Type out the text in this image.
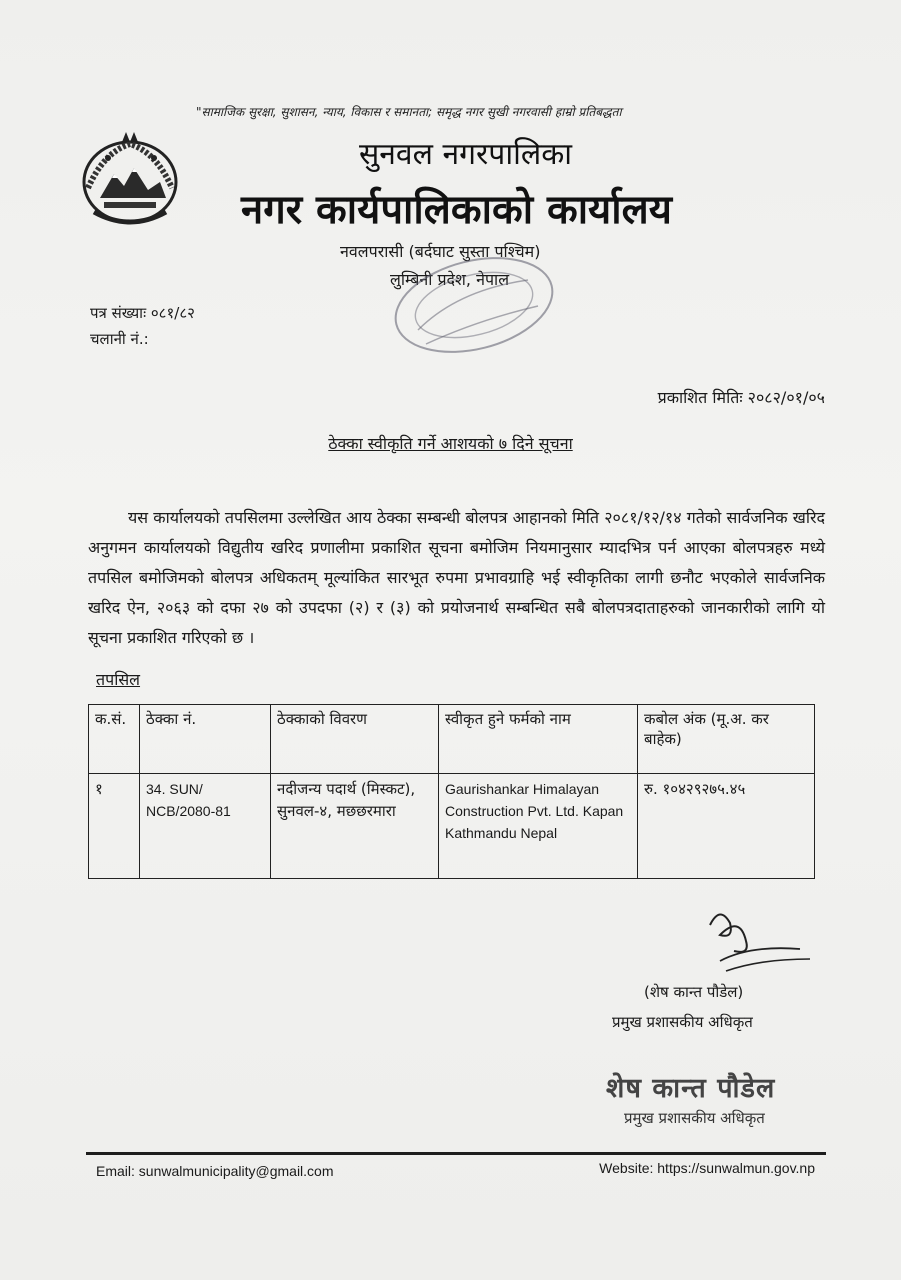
"सामाजिक सुरक्षा, सुशासन, न्याय, विकास र समानता; समृद्ध नगर सुखी नगरवासी हाम्रो प्रतिबद्धता
सुनवल नगरपालिका
नगर कार्यपालिकाको कार्यालय
नवलपरासी (बर्दघाट सुस्ता पश्चिम)
लुम्बिनी प्रदेश, नेपाल
पत्र संख्याः ०८१/८२
चलानी नं.:
प्रकाशित मितिः २०८२/०१/०५
ठेक्का स्वीकृति गर्ने आशयको ७ दिने सूचना
यस कार्यालयको तपसिलमा उल्लेखित आय ठेक्का सम्बन्धी बोलपत्र आहानको मिति २०८१/१२/१४ गतेको सार्वजनिक खरिद अनुगमन कार्यालयको विद्युतीय खरिद प्रणालीमा प्रकाशित सूचना बमोजिम नियमानुसार म्यादभित्र पर्न आएका बोलपत्रहरु मध्ये तपसिल बमोजिमको बोलपत्र अधिकतम् मूल्यांकित सारभूत रुपमा प्रभावग्राहि भई स्वीकृतिका लागी छनौट भएकोले सार्वजनिक खरिद ऐन, २०६३ को दफा २७ को उपदफा (२) र (३) को प्रयोजनार्थ सम्बन्धित सबै बोलपत्रदाताहरुको जानकारीको लागि यो सूचना प्रकाशित गरिएको छ ।
तपसिल
क.सं.	ठेक्का नं.	ठेक्काको विवरण	स्वीकृत हुने फर्मको नाम	कबोल अंक (मू.अ. कर बाहेक)
१	34. SUN/ NCB/2080-81	नदीजन्य पदार्थ (मिस्कट), सुनवल-४, मछछरमारा	Gaurishankar Himalayan Construction Pvt. Ltd. Kapan Kathmandu Nepal	रु. १०४२९२७५.४५
(शेष कान्त पौडेल)
प्रमुख प्रशासकीय अधिकृत
शेष कान्त पौडेल
प्रमुख प्रशासकीय अधिकृत
Email: sunwalmunicipality@gmail.com	Website: https://sunwalmun.gov.np
